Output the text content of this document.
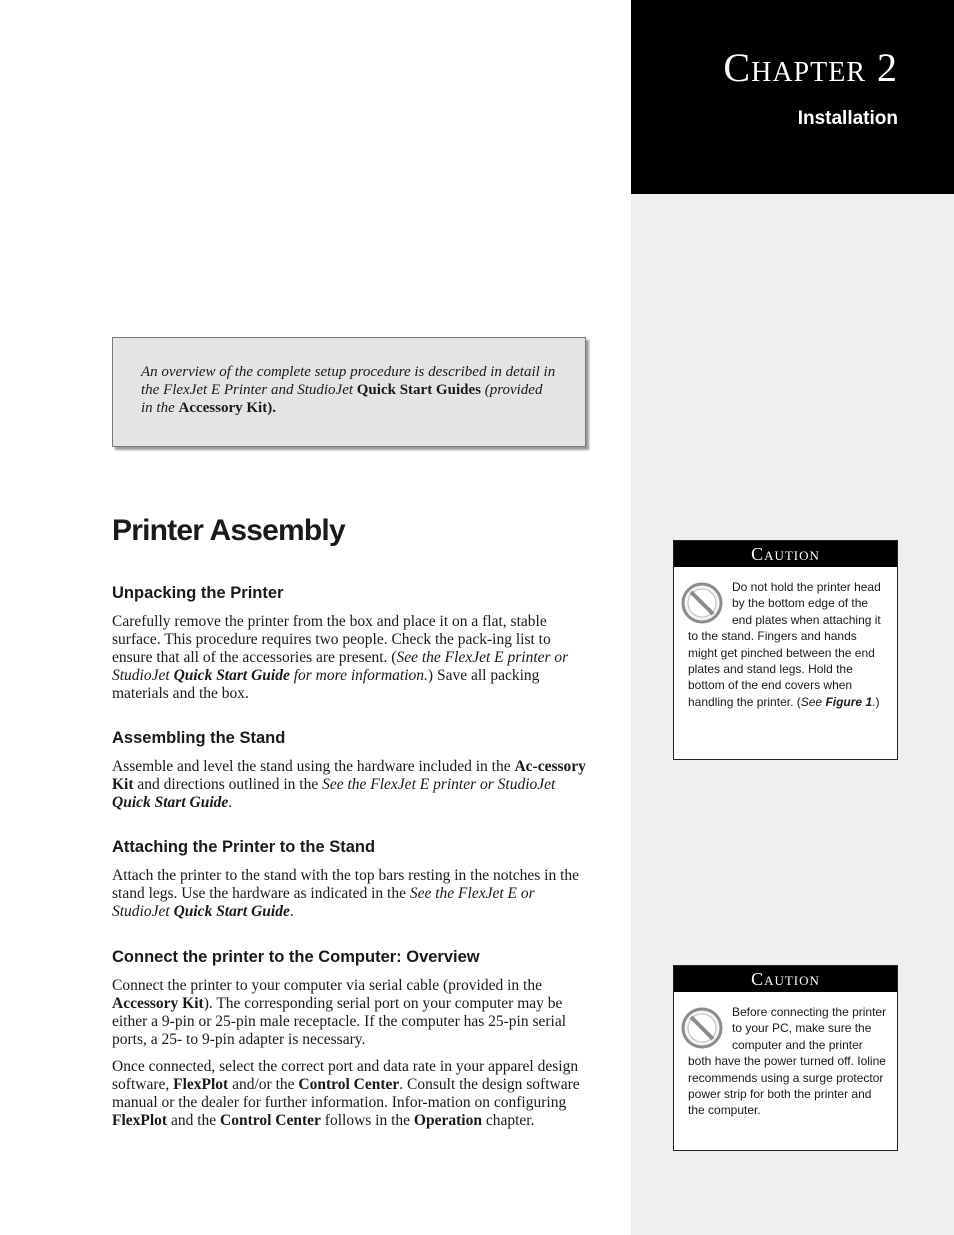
Chapter 2
Installation
An overview of the complete setup procedure is described in detail in the FlexJet E Printer and StudioJet Quick Start Guides (provided in the Accessory Kit).
Printer Assembly
Unpacking the Printer

Carefully remove the printer from the box and place it on a flat, stable surface. This procedure requires two people. Check the pack-ing list to ensure that all of the accessories are present. (See the FlexJet E printer or StudioJet Quick Start Guide for more information.) Save all packing materials and the box.

Assembling the Stand

Assemble and level the stand using the hardware included in the Ac-cessory Kit and directions outlined in the See the FlexJet E printer or StudioJet Quick Start Guide.

Attaching the Printer to the Stand

Attach the printer to the stand with the top bars resting in the notches in the stand legs. Use the hardware as indicated in the See the FlexJet E or StudioJet Quick Start Guide.

Connect the printer to the Computer: Overview

Connect the printer to your computer via serial cable (provided in the Accessory Kit). The corresponding serial port on your computer may be either a 9-pin or 25-pin male receptacle. If the computer has 25-pin serial ports, a 25- to 9-pin adapter is necessary.

Once connected, select the correct port and data rate in your apparel design software, FlexPlot and/or the Control Center. Consult the design software manual or the dealer for further information. Infor-mation on configuring FlexPlot and the Control Center follows in the Operation chapter.

Caution
Do not hold the printer head by the bottom edge of the end plates when attaching it to the stand. Fingers and hands might get pinched between the end plates and stand legs. Hold the bottom of the end covers when handling the printer. (See Figure 1.)
Caution
Before connecting the printer to your PC, make sure the computer and the printer both have the power turned off. Ioline recommends using a surge protector power strip for both the printer and the computer.
